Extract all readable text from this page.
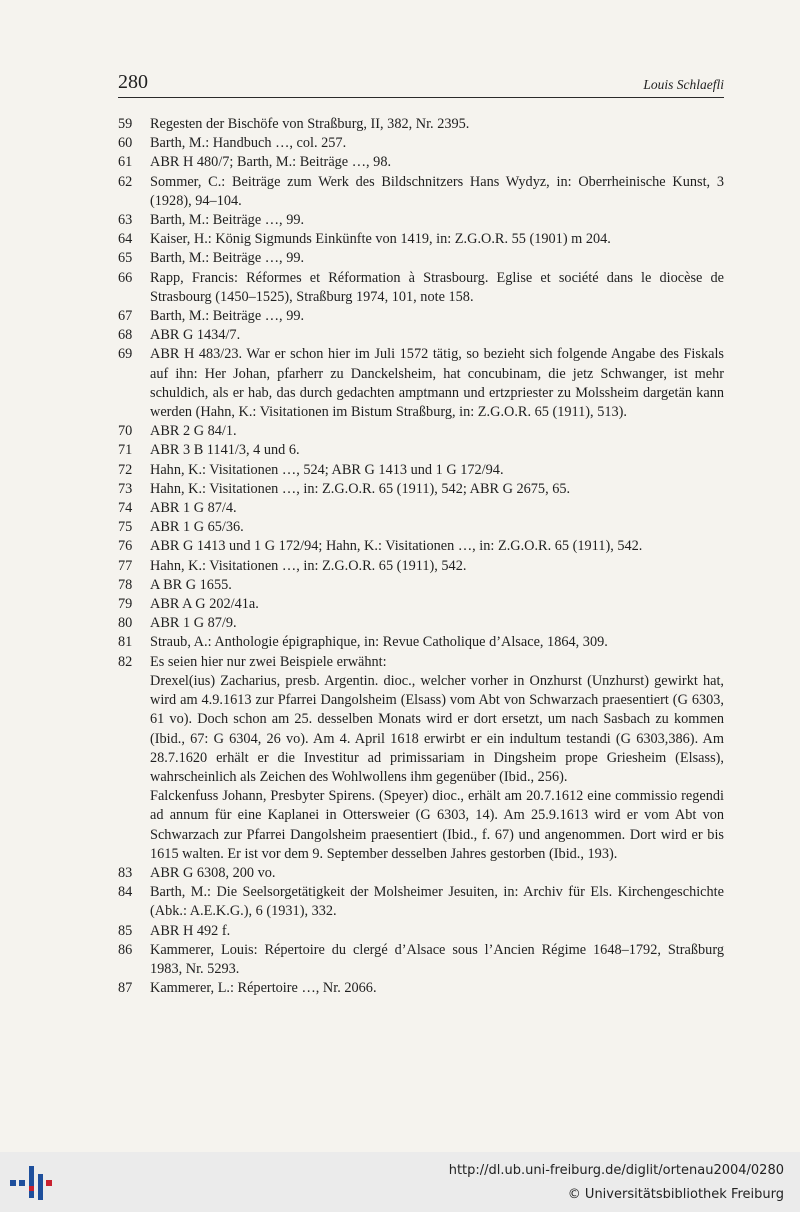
280	Louis Schlaefli
59	Regesten der Bischöfe von Straßburg, II, 382, Nr. 2395.
60	Barth, M.: Handbuch …, col. 257.
61	ABR H 480/7; Barth, M.: Beiträge …, 98.
62	Sommer, C.: Beiträge zum Werk des Bildschnitzers Hans Wydyz, in: Oberrheinische Kunst, 3 (1928), 94–104.
63	Barth, M.: Beiträge …, 99.
64	Kaiser, H.: König Sigmunds Einkünfte von 1419, in: Z.G.O.R. 55 (1901) m 204.
65	Barth, M.: Beiträge …, 99.
66	Rapp, Francis: Réformes et Réformation à Strasbourg. Eglise et société dans le diocèse de Strasbourg (1450–1525), Straßburg 1974, 101, note 158.
67	Barth, M.: Beiträge …, 99.
68	ABR G 1434/7.
69	ABR H 483/23. War er schon hier im Juli 1572 tätig, so bezieht sich folgende Angabe des Fiskals auf ihn: Her Johan, pfarherr zu Danckelsheim, hat concubinam, die jetz Schwanger, ist mehr schuldich, als er hab, das durch gedachten amptmann und ertzpriester zu Molssheim dargetän kann werden (Hahn, K.: Visitationen im Bistum Straßburg, in: Z.G.O.R. 65 (1911), 513).
70	ABR 2 G 84/1.
71	ABR 3 B 1141/3, 4 und 6.
72	Hahn, K.: Visitationen …, 524; ABR G 1413 und 1 G 172/94.
73	Hahn, K.: Visitationen …, in: Z.G.O.R. 65 (1911), 542; ABR G 2675, 65.
74	ABR 1 G 87/4.
75	ABR 1 G 65/36.
76	ABR G 1413 und 1 G 172/94; Hahn, K.: Visitationen …, in: Z.G.O.R. 65 (1911), 542.
77	Hahn, K.: Visitationen …, in: Z.G.O.R. 65 (1911), 542.
78	A BR G 1655.
79	ABR A G 202/41a.
80	ABR 1 G 87/9.
81	Straub, A.: Anthologie épigraphique, in: Revue Catholique d’Alsace, 1864, 309.
82	Es seien hier nur zwei Beispiele erwähnt:
Drexel(ius) Zacharius, presb. Argentin. dioc., welcher vorher in Onzhurst (Unzhurst) gewirkt hat, wird am 4.9.1613 zur Pfarrei Dangolsheim (Elsass) vom Abt von Schwarzach praesentiert (G 6303, 61 vo). Doch schon am 25. desselben Monats wird er dort ersetzt, um nach Sasbach zu kommen (Ibid., 67: G 6304, 26 vo). Am 4. April 1618 erwirbt er ein indultum testandi (G 6303,386). Am 28.7.1620 erhält er die Investitur ad primissariam in Dingsheim prope Griesheim (Elsass), wahrscheinlich als Zeichen des Wohlwollens ihm gegenüber (Ibid., 256).
Falckenfuss Johann, Presbyter Spirens. (Speyer) dioc., erhält am 20.7.1612 eine commissio regendi ad annum für eine Kaplanei in Ottersweier (G 6303, 14). Am 25.9.1613 wird er vom Abt von Schwarzach zur Pfarrei Dangolsheim praesentiert (Ibid., f. 67) und angenommen. Dort wird er bis 1615 walten. Er ist vor dem 9. September desselben Jahres gestorben (Ibid., 193).
83	ABR G 6308, 200 vo.
84	Barth, M.: Die Seelsorgetätigkeit der Molsheimer Jesuiten, in: Archiv für Els. Kirchengeschichte (Abk.: A.E.K.G.), 6 (1931), 332.
85	ABR H 492 f.
86	Kammerer, Louis: Répertoire du clergé d’Alsace sous l’Ancien Régime 1648–1792, Straßburg 1983, Nr. 5293.
87	Kammerer, L.: Répertoire …, Nr. 2066.
http://dl.ub.uni-freiburg.de/diglit/ortenau2004/0280
© Universitätsbibliothek Freiburg
